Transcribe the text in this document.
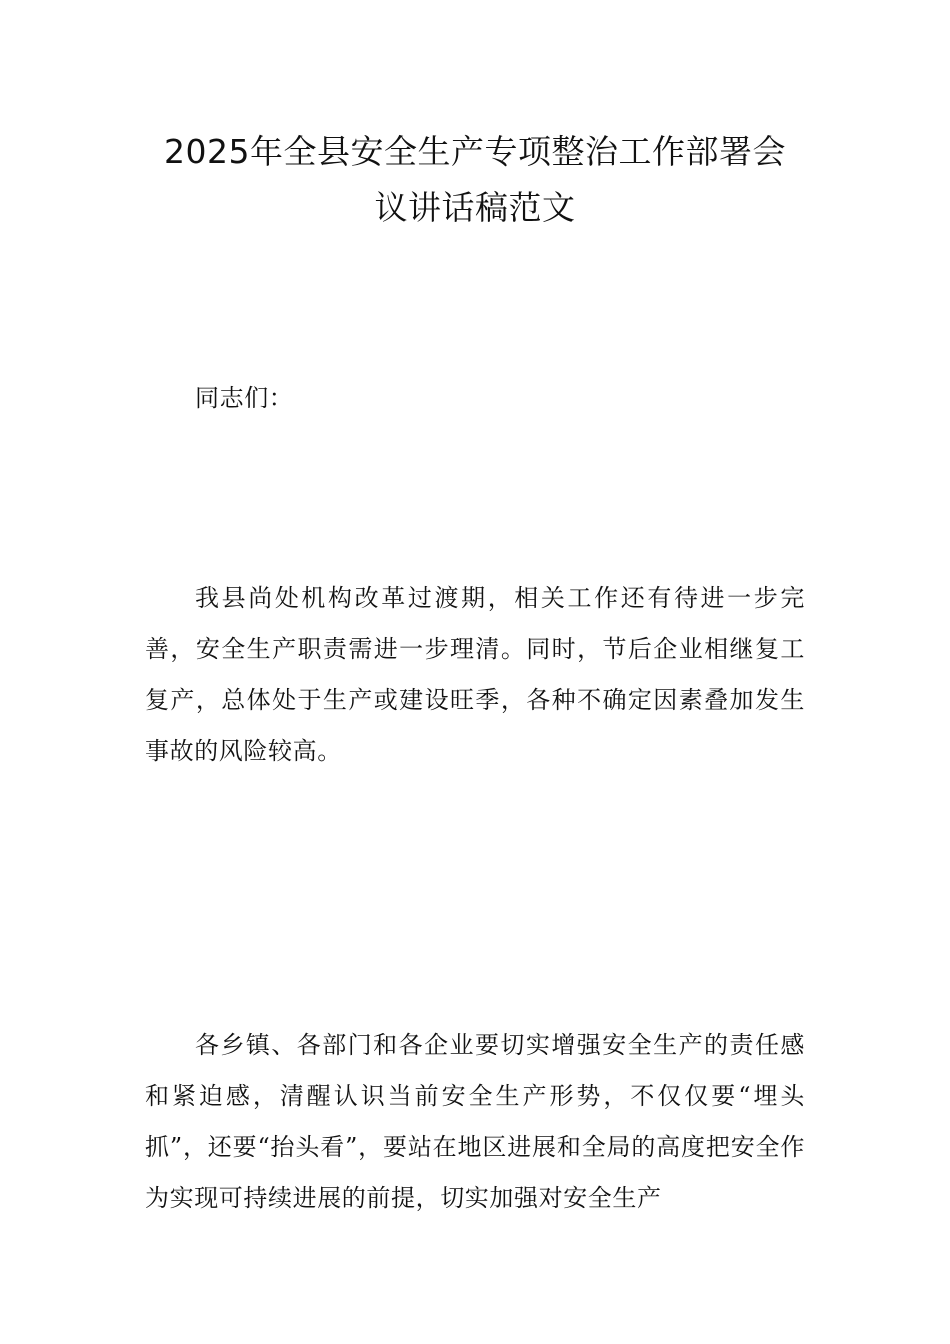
2025年全县安全生产专项整治工作部署会
议讲话稿范文

同志们：

我县尚处机构改革过渡期，相关工作还有待进一步完善，安全生产职责需进一步理清。同时，节后企业相继复工复产，总体处于生产或建设旺季，各种不确定因素叠加发生事故的风险较高。

各乡镇、各部门和各企业要切实增强安全生产的责任感和紧迫感，清醒认识当前安全生产形势，不仅仅要“埋头抓”，还要“抬头看”，要站在地区进展和全局的高度把安全作为实现可持续进展的前提，切实加强对安全生产
